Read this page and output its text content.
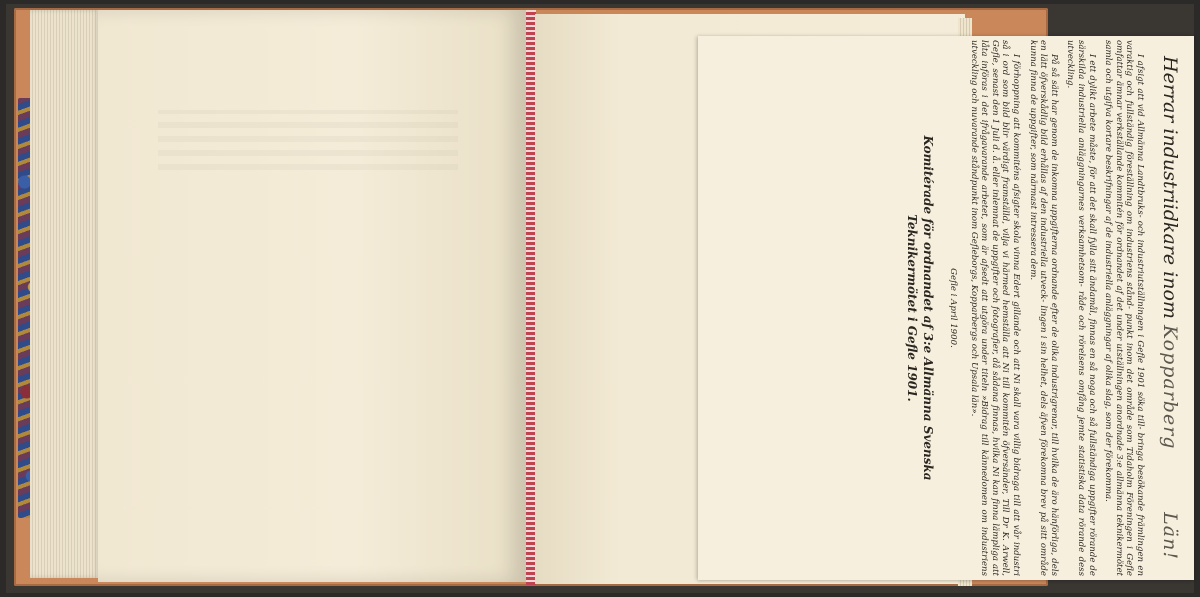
Herrar industriidkare inom Kopparberg
Län!

I afsigt att vid Allmänna Landtbruks- och industriutställningen i Gefle 1901 söka till- bringa besökande främlingen en varaktig och fullständig föreställning om industriens stånd- punkt inom det område som Tidaholm Föreningen i Gefle omfattar ämnar verkställande kommitén för ordnandet af det under utställningen anordnade 3:e allmänna teknikermötet samla och utgifva kortare beskrifningar af de industriella anläggningar af olika slag, som der förekomma.

I ett dylikt arbete måste, för att det skall fylla sitt ändamål, finnas en så noga och så fullständiga uppgifter rörande de särskilda industriella anläggningarnes verksamhetsom- råde och rörelsens omfång jemte statistiska data rörande dess utveckling.

På så sätt har genom de inkomna uppgifterna ordnande efter de olika industrigrenar, till hvilka de äro hänförliga, dels en lätt öfverskådlig bild erhållas af den industriella utveck- lingen i sin helhet, dels äfven förekomna brev på sitt område kunna finna de uppgifter, som närmast intressera dem.

I förhoppning att kommiténs afsigter skola vinna Edert gillande och att Ni skall vara villig bidraga till att vår industri så i ord som bild blir värdigt framställd, vilja vi härmed hemställa att Ni till kommitén öfversänder, Till Dr K. Arwell, Gefle, senast den 1 Juli d. å. eller inlemnat de uppgifter och fotografier, då sådana finnas, hvilka Ni kan finna lämpliga att låta införas i det ifrågavarande arbetet, som är afsedt att utgöra under titeln »Bidrag till kännedomen om industriens utveckling och nuvarande ståndpunkt inom Gefleborgs, Kopparbergs och Upsala län».

Gefle i April 1900.
Komitérade för ordnandet af 3:e Allmänna Svenska
Teknikermötet i Gefle 1901.
